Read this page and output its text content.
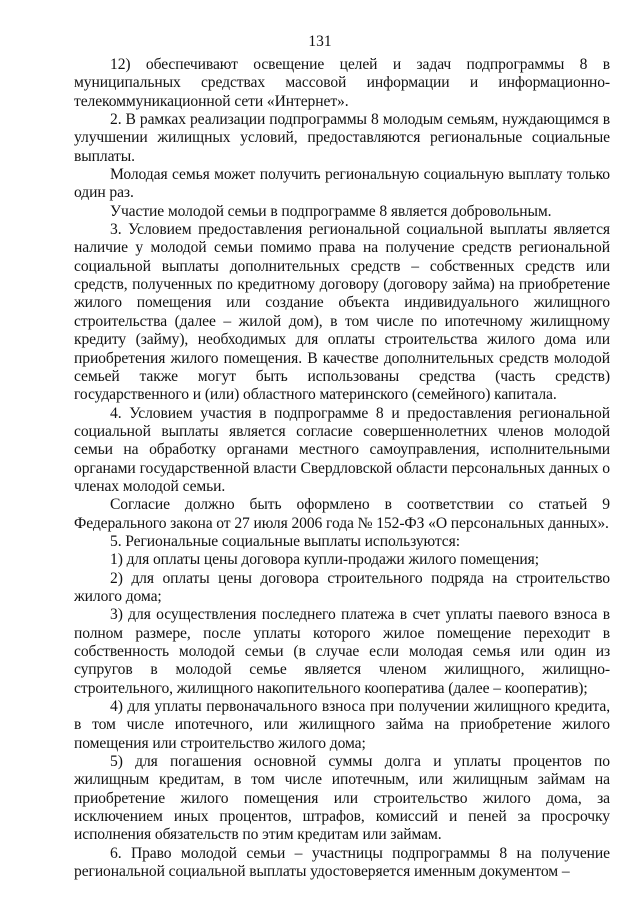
131

12) обеспечивают освещение целей и задач подпрограммы 8 в муниципальных средствах массовой информации и информационно-телекоммуникационной сети «Интернет».

2. В рамках реализации подпрограммы 8 молодым семьям, нуждающимся в улучшении жилищных условий, предоставляются региональные социальные выплаты.

Молодая семья может получить региональную социальную выплату только один раз.

Участие молодой семьи в подпрограмме 8 является добровольным.

3. Условием предоставления региональной социальной выплаты является наличие у молодой семьи помимо права на получение средств региональной социальной выплаты дополнительных средств – собственных средств или средств, полученных по кредитному договору (договору займа) на приобретение жилого помещения или создание объекта индивидуального жилищного строительства (далее – жилой дом), в том числе по ипотечному жилищному кредиту (займу), необходимых для оплаты строительства жилого дома или приобретения жилого помещения. В качестве дополнительных средств молодой семьей также могут быть использованы средства (часть средств) государственного и (или) областного материнского (семейного) капитала.

4. Условием участия в подпрограмме 8 и предоставления региональной социальной выплаты является согласие совершеннолетних членов молодой семьи на обработку органами местного самоуправления, исполнительными органами государственной власти Свердловской области персональных данных о членах молодой семьи.

Согласие должно быть оформлено в соответствии со статьей 9 Федерального закона от 27 июля 2006 года № 152-ФЗ «О персональных данных».

5. Региональные социальные выплаты используются:

1) для оплаты цены договора купли-продажи жилого помещения;

2) для оплаты цены договора строительного подряда на строительство жилого дома;

3) для осуществления последнего платежа в счет уплаты паевого взноса в полном размере, после уплаты которого жилое помещение переходит в собственность молодой семьи (в случае если молодая семья или один из супругов в молодой семье является членом жилищного, жилищно-строительного, жилищного накопительного кооператива (далее – кооператив);

4) для уплаты первоначального взноса при получении жилищного кредита, в том числе ипотечного, или жилищного займа на приобретение жилого помещения или строительство жилого дома;

5) для погашения основной суммы долга и уплаты процентов по жилищным кредитам, в том числе ипотечным, или жилищным займам на приобретение жилого помещения или строительство жилого дома, за исключением иных процентов, штрафов, комиссий и пеней за просрочку исполнения обязательств по этим кредитам или займам.

6. Право молодой семьи – участницы подпрограммы 8 на получение региональной социальной выплаты удостоверяется именным документом –
